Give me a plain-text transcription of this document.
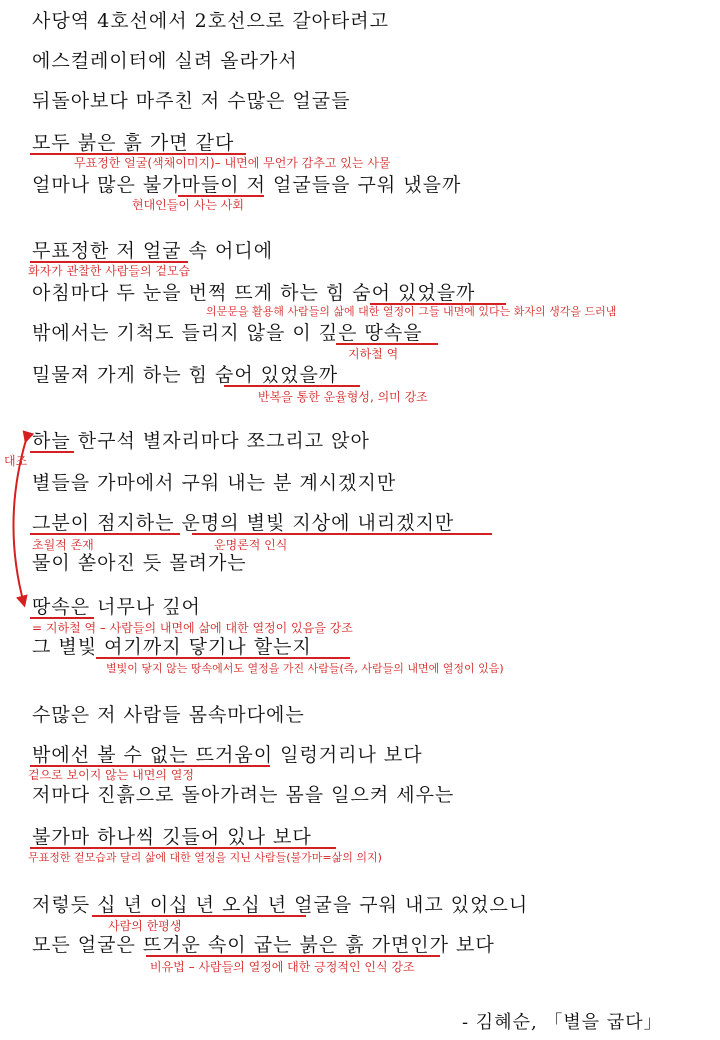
사당역 4호선에서 2호선으로 갈아타려고
에스컬레이터에 실려 올라가서
뒤돌아보다 마주친 저 수많은 얼굴들
모두 붉은 흙 가면 같다
얼마나 많은 불가마들이 저 얼굴들을 구워 냈을까
무표정한 저 얼굴 속 어디에
아침마다 두 눈을 번쩍 뜨게 하는 힘 숨어 있었을까
밖에서는 기척도 들리지 않을 이 깊은 땅속을
밀물져 가게 하는 힘 숨어 있었을까
하늘 한구석 별자리마다 쪼그리고 앉아
별들을 가마에서 구워 내는 분 계시겠지만
그분이 점지하는 운명의 별빛 지상에 내리겠지만
물이 쏟아진 듯 몰려가는
땅속은 너무나 깊어
그 별빛 여기까지 닿기나 할는지
수많은 저 사람들 몸속마다에는
밖에선 볼 수 없는 뜨거움이 일렁거리나 보다
저마다 진흙으로 돌아가려는 몸을 일으켜 세우는
불가마 하나씩 깃들어 있나 보다
저렇듯 십 년 이십 년 오십 년 얼굴을 구워 내고 있었으니
모든 얼굴은 뜨거운 속이 굽는 붉은 흙 가면인가 보다
무표정한 얼굴(색채이미지)– 내면에 무언가 감추고 있는 사물
현대인들이 사는 사회
화자가 관찰한 사람들의 겉모습
의문문을 활용해 사람들의 삶에 대한 열정이 그들 내면에 있다는 화자의 생각을 드러냄
지하철 역
반복을 통한 운율형성, 의미 강조
대조
초월적 존재	운명론적 인식
= 지하철 역 – 사람들의 내면에 삶에 대한 열정이 있음을 강조
별빛이 닿지 않는 땅속에서도 열정을 가진 사람들(즉, 사람들의 내면에 열정이 있음)
겉으로 보이지 않는 내면의 열정
무표정한 겉모습과 달리 삶에 대한 열정을 지닌 사람들(불가마=삶의 의지)
사람의 한평생
비유법 – 사람들의 열정에 대한 긍정적인 인식 강조
- 김혜순, 「별을 굽다」
